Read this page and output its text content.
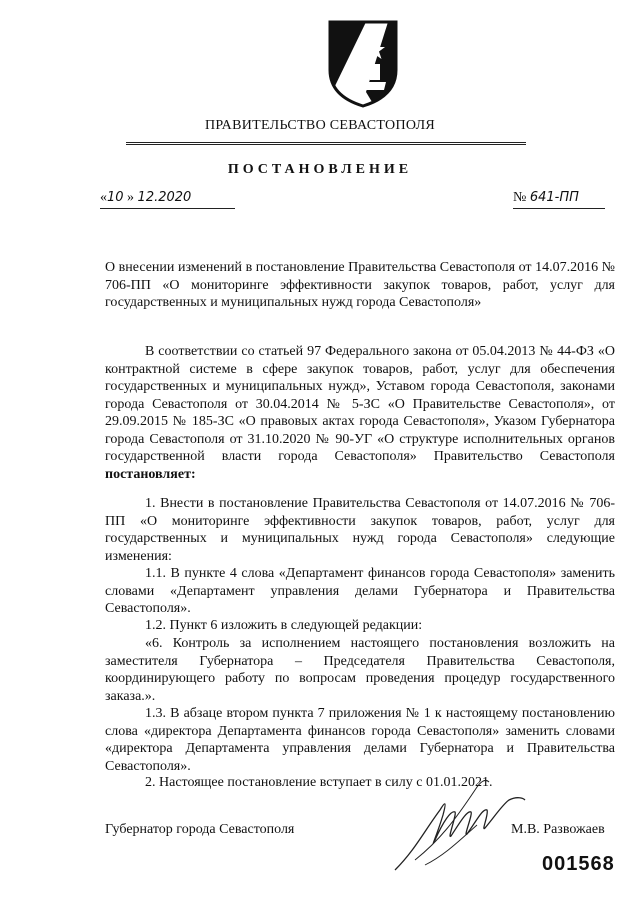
ПРАВИТЕЛЬСТВО СЕВАСТОПОЛЯ
ПОСТАНОВЛЕНИЕ
«10 » 12.2020	№ 641-ПП
О внесении изменений в постановление Правительства Севастополя от 14.07.2016 № 706-ПП «О мониторинге эффективности закупок товаров, работ, услуг для государственных и муниципальных нужд города Севастополя»
В соответствии со статьей 97 Федерального закона от 05.04.2013 № 44-ФЗ «О контрактной системе в сфере закупок товаров, работ, услуг для обеспечения государственных и муниципальных нужд», Уставом города Севастополя, законами города Севастополя от 30.04.2014 № 5-ЗС «О Правительстве Севастополя», от 29.09.2015 № 185-ЗС «О правовых актах города Севастополя», Указом Губернатора города Севастополя от 31.10.2020 № 90-УГ «О структуре исполнительных органов государственной власти города Севастополя» Правительство Севастополя постановляет:
1. Внести в постановление Правительства Севастополя от 14.07.2016 № 706-ПП «О мониторинге эффективности закупок товаров, работ, услуг для государственных и муниципальных нужд города Севастополя» следующие изменения:
1.1. В пункте 4 слова «Департамент финансов города Севастополя» заменить словами «Департамент управления делами Губернатора и Правительства Севастополя».
1.2. Пункт 6 изложить в следующей редакции:
«6. Контроль за исполнением настоящего постановления возложить на заместителя Губернатора – Председателя Правительства Севастополя, координирующего работу по вопросам проведения процедур государственного заказа.».
1.3. В абзаце втором пункта 7 приложения № 1 к настоящему постановлению слова «директора Департамента финансов города Севастополя» заменить словами «директора Департамента управления делами Губернатора и Правительства Севастополя».
2. Настоящее постановление вступает в силу с 01.01.2021.
Губернатор города Севастополя	М.В. Развожаев
001568
